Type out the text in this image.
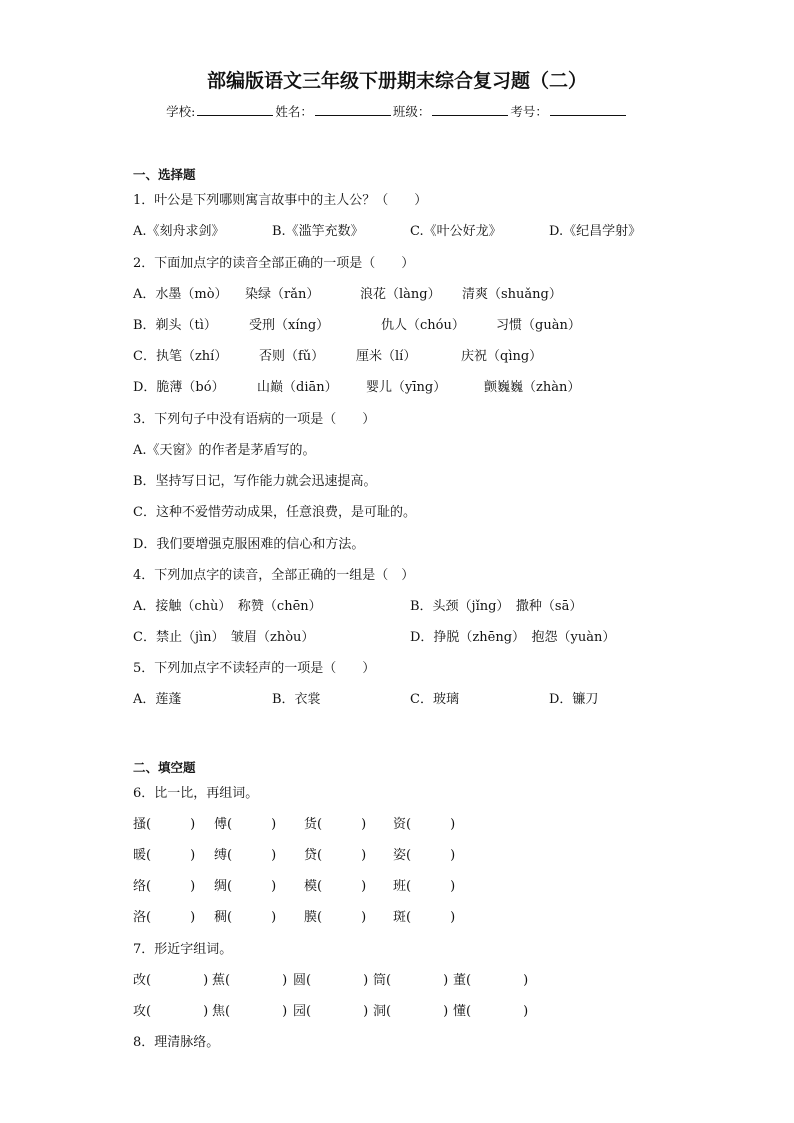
部编版语文三年级下册期末综合复习题（二）
学校:	姓名：	班级：	考号：
一、选择题
1．叶公是下列哪则寓言故事中的主人公？（　　）
A.《刻舟求剑》	B.《滥竽充数》	C.《叶公好龙》	D.《纪昌学射》
2．下面加点字的读音全部正确的一项是（　　）
A．水墨（mò） 染绿（rǎn）	浪花（làng） 清爽（shuǎng）
B．剃头（tì） 受刑（xíng）	仇人（chóu） 习惯（guàn）
C．执笔（zhí） 否则（fǔ） 厘米（lí）	庆祝（qìng）
D．脆薄（bó） 山巅（diān） 婴儿（yīng）	颤巍巍（zhàn）
3．下列句子中没有语病的一项是（　　）
A.《天窗》的作者是茅盾写的。
B．坚持写日记，写作能力就会迅速提高。
C．这种不爱惜劳动成果，任意浪费，是可耻的。
D．我们要增强克服困难的信心和方法。
4．下列加点字的读音，全部正确的一组是（　）
A．接触（chù）　称赞（chēn）	B．头颈（jǐng）　撒种（sā）
C．禁止（jìn）　皱眉（zhòu）	D．挣脱（zhēng）　抱怨（yuàn）
5．下列加点字不读轻声的一项是（　　）
A．莲蓬	B．衣裳	C．玻璃	D．镰刀
二、填空题
6．比一比，再组词。
搔(　　　) 傅(　　　) 货(　　　) 资(　　　)
暖(　　　) 缚(　　　) 贷(　　　) 姿(　　　)
络(　　　) 绸(　　　) 模(　　　) 班(　　　)
洛(　　　) 稠(　　　) 膜(　　　) 斑(　　　)
7．形近字组词。
改(　　　　) 蕉(　　　　) 圆(　　　　) 筒(　　　　) 董(　　　　)
攻(　　　　) 焦(　　　　) 园(　　　　) 洞(　　　　) 懂(　　　　)
8．理清脉络。
